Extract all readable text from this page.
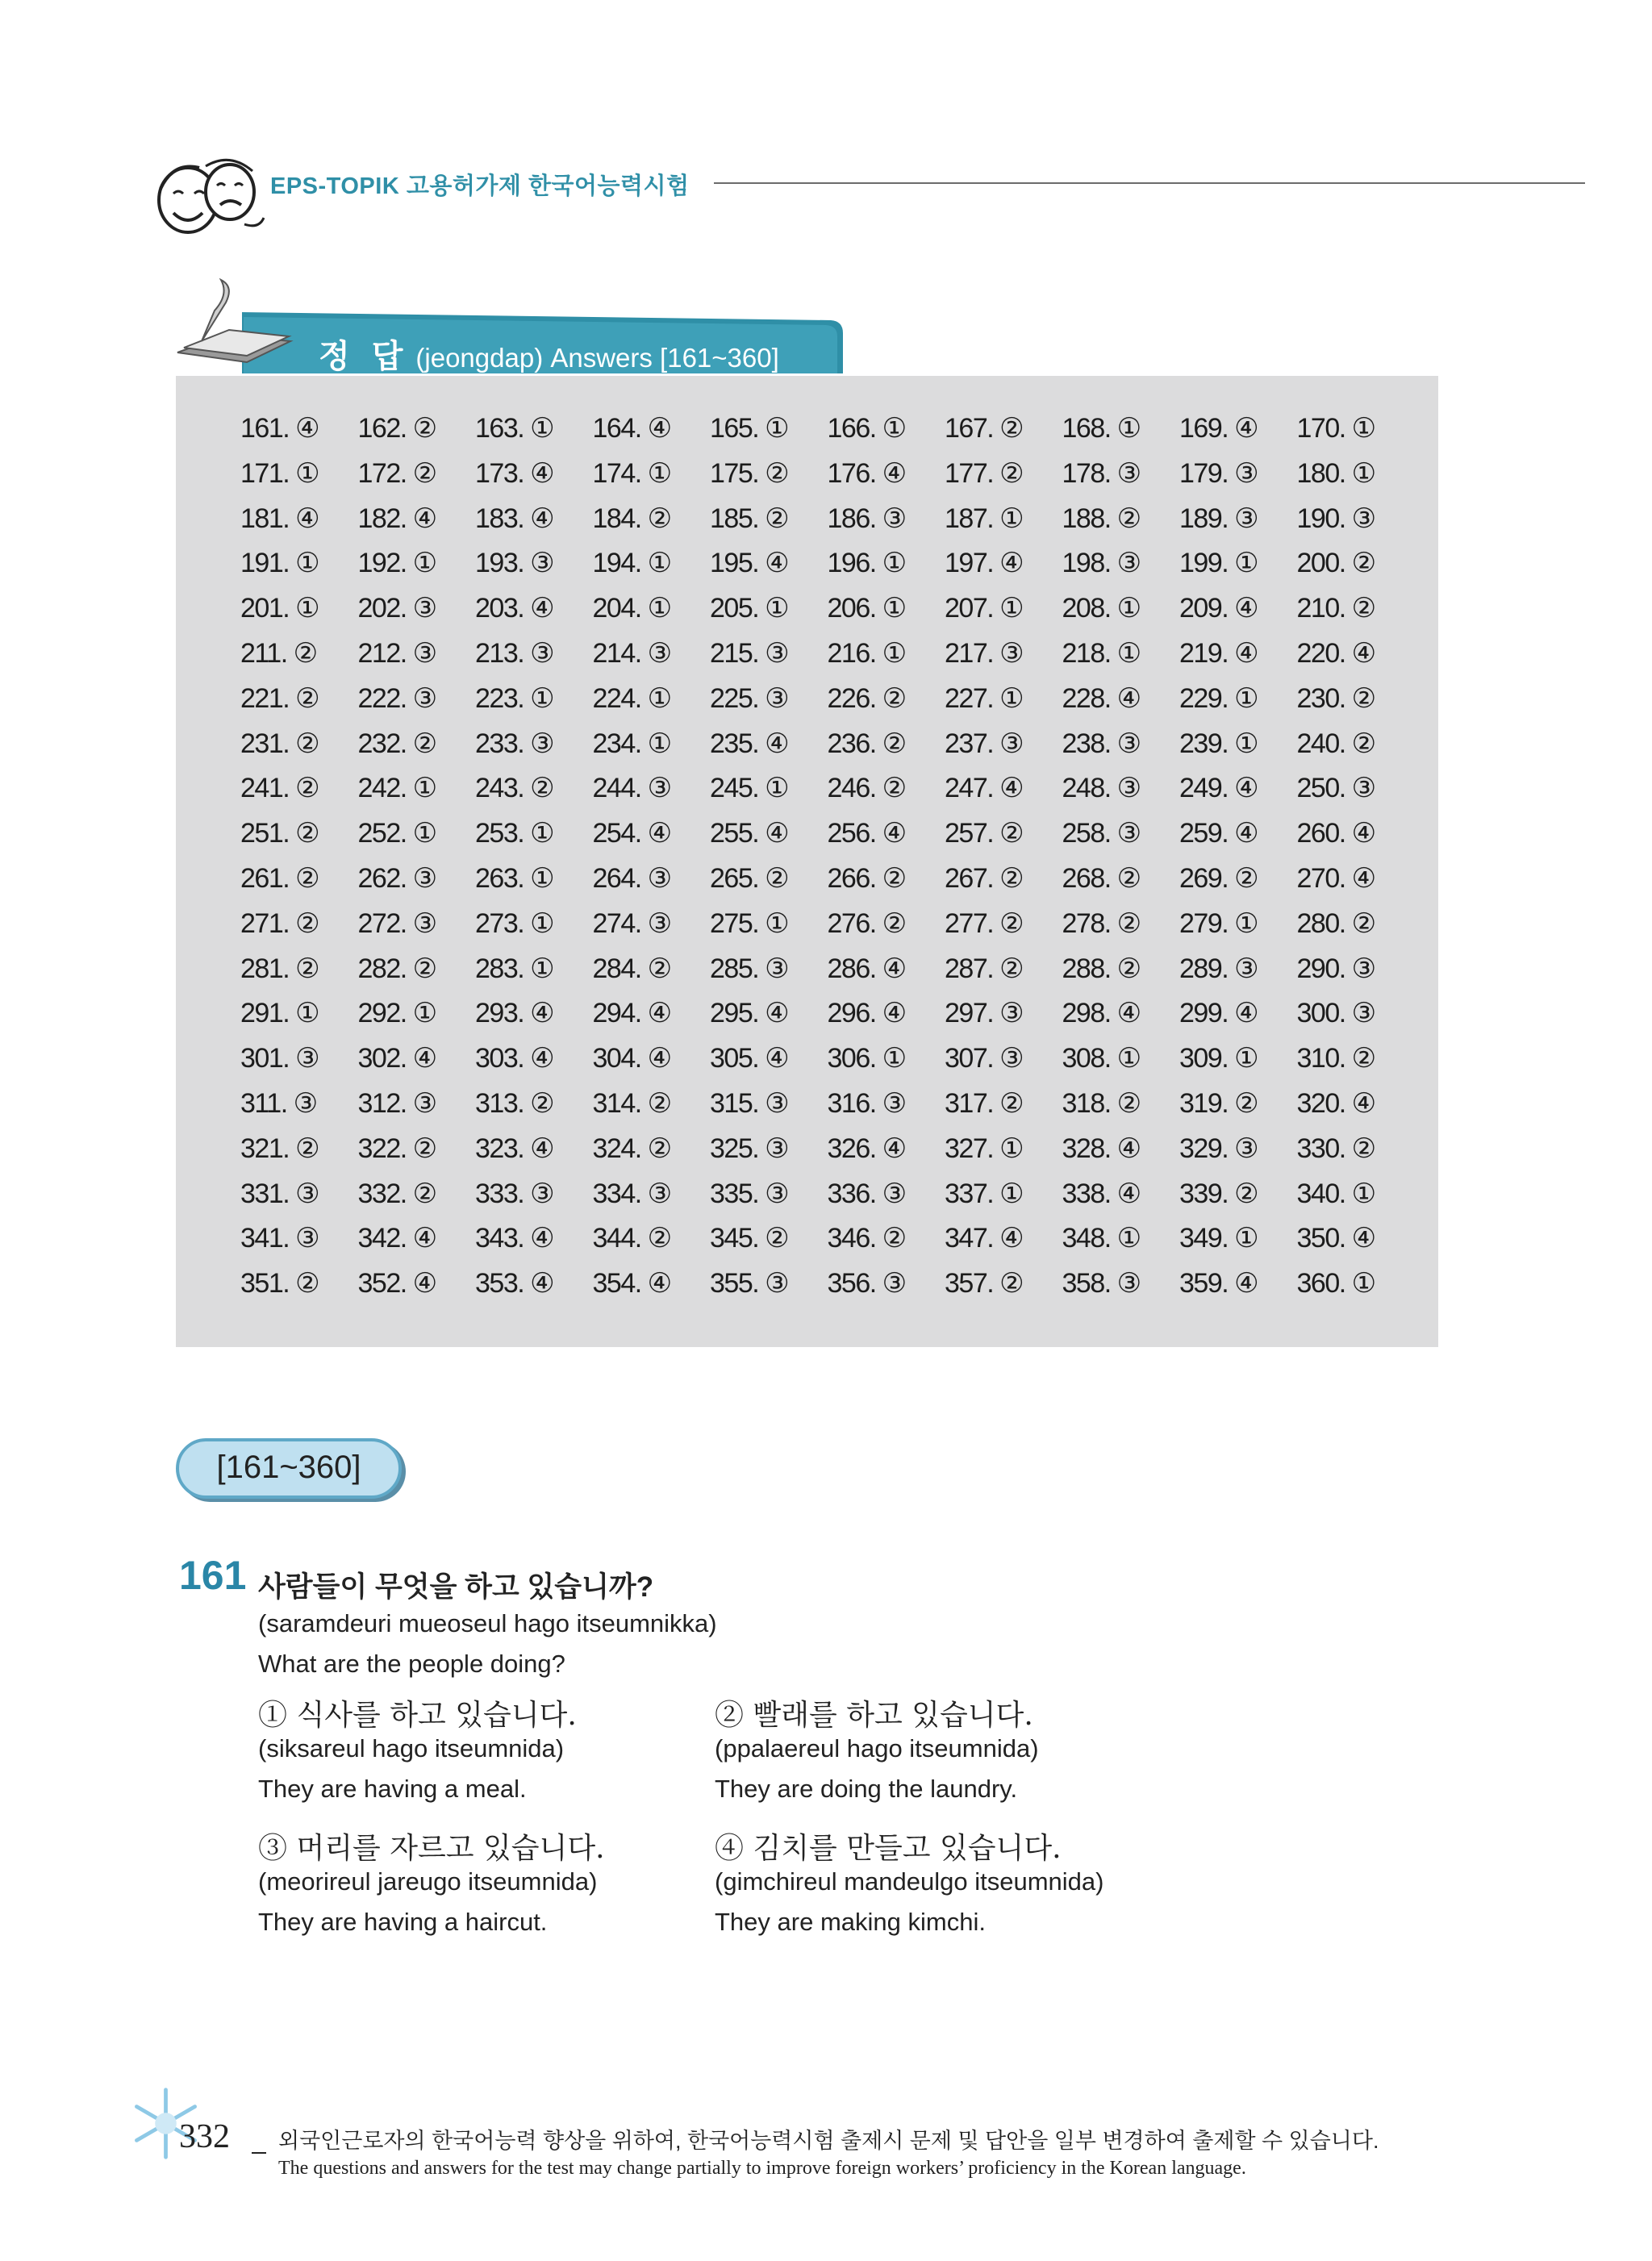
EPS-TOPIK 고용허가제 한국어능력시험
정 답 (jeongdap) Answers [161~360]
161. ④	162. ②	163. ①	164. ④	165. ①	166. ①	167. ②	168. ①	169. ④	170. ①
171. ①	172. ②	173. ④	174. ①	175. ②	176. ④	177. ②	178. ③	179. ③	180. ①
181. ④	182. ④	183. ④	184. ②	185. ②	186. ③	187. ①	188. ②	189. ③	190. ③
191. ①	192. ①	193. ③	194. ①	195. ④	196. ①	197. ④	198. ③	199. ①	200. ②
201. ①	202. ③	203. ④	204. ①	205. ①	206. ①	207. ①	208. ①	209. ④	210. ②
211. ②	212. ③	213. ③	214. ③	215. ③	216. ①	217. ③	218. ①	219. ④	220. ④
221. ②	222. ③	223. ①	224. ①	225. ③	226. ②	227. ①	228. ④	229. ①	230. ②
231. ②	232. ②	233. ③	234. ①	235. ④	236. ②	237. ③	238. ③	239. ①	240. ②
241. ②	242. ①	243. ②	244. ③	245. ①	246. ②	247. ④	248. ③	249. ④	250. ③
251. ②	252. ①	253. ①	254. ④	255. ④	256. ④	257. ②	258. ③	259. ④	260. ④
261. ②	262. ③	263. ①	264. ③	265. ②	266. ②	267. ②	268. ②	269. ②	270. ④
271. ②	272. ③	273. ①	274. ③	275. ①	276. ②	277. ②	278. ②	279. ①	280. ②
281. ②	282. ②	283. ①	284. ②	285. ③	286. ④	287. ②	288. ②	289. ③	290. ③
291. ①	292. ①	293. ④	294. ④	295. ④	296. ④	297. ③	298. ④	299. ④	300. ③
301. ③	302. ④	303. ④	304. ④	305. ④	306. ①	307. ③	308. ①	309. ①	310. ②
311. ③	312. ③	313. ②	314. ②	315. ③	316. ③	317. ②	318. ②	319. ②	320. ④
321. ②	322. ②	323. ④	324. ②	325. ③	326. ④	327. ①	328. ④	329. ③	330. ②
331. ③	332. ②	333. ③	334. ③	335. ③	336. ③	337. ①	338. ④	339. ②	340. ①
341. ③	342. ④	343. ④	344. ②	345. ②	346. ②	347. ④	348. ①	349. ①	350. ④
351. ②	352. ④	353. ④	354. ④	355. ③	356. ③	357. ②	358. ③	359. ④	360. ①
[161~360]
161 사람들이 무엇을 하고 있습니까?
(saramdeuri mueoseul hago itseumnikka)
What are the people doing?
① 식사를 하고 있습니다.
(siksareul hago itseumnida)
They are having a meal.
② 빨래를 하고 있습니다.
(ppalaereul hago itseumnida)
They are doing the laundry.
③ 머리를 자르고 있습니다.
(meorireul jareugo itseumnida)
They are having a haircut.
④ 김치를 만들고 있습니다.
(gimchireul mandeulgo itseumnida)
They are making kimchi.
332 외국인근로자의 한국어능력 향상을 위하여, 한국어능력시험 출제시 문제 및 답안을 일부 변경하여 출제할 수 있습니다.
The questions and answers for the test may change partially to improve foreign workers’ proficiency in the Korean language.
